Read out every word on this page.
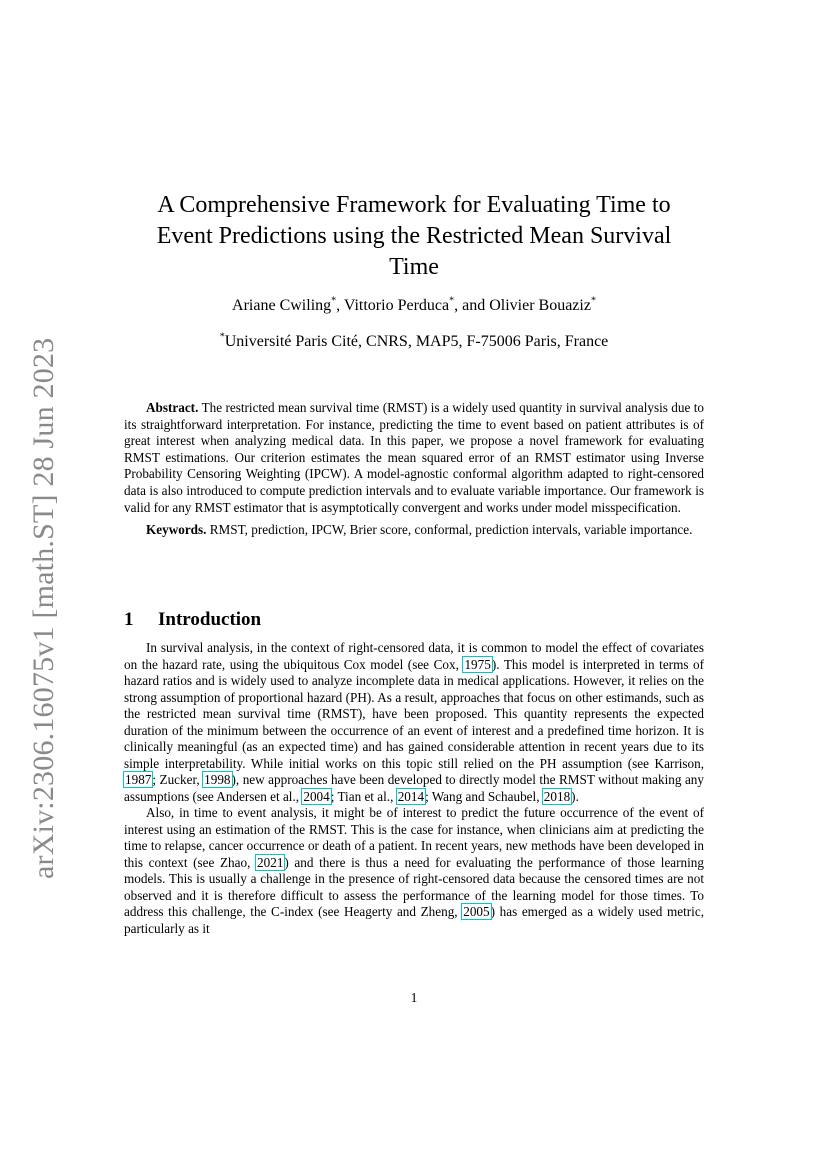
arXiv:2306.16075v1 [math.ST] 28 Jun 2023
A Comprehensive Framework for Evaluating Time to Event Predictions using the Restricted Mean Survival Time
Ariane Cwiling*, Vittorio Perduca*, and Olivier Bouaziz*
*Université Paris Cité, CNRS, MAP5, F-75006 Paris, France

Abstract. The restricted mean survival time (RMST) is a widely used quantity in survival analysis due to its straightforward interpretation. For instance, predicting the time to event based on patient attributes is of great interest when analyzing medical data. In this paper, we propose a novel framework for evaluating RMST estimations. Our criterion estimates the mean squared error of an RMST estimator using Inverse Probability Censoring Weighting (IPCW). A model-agnostic conformal algorithm adapted to right-censored data is also introduced to compute prediction intervals and to evaluate variable importance. Our framework is valid for any RMST estimator that is asymptotically convergent and works under model misspecification.

Keywords. RMST, prediction, IPCW, Brier score, conformal, prediction intervals, variable importance.

1 Introduction

In survival analysis, in the context of right-censored data, it is common to model the effect of covariates on the hazard rate, using the ubiquitous Cox model (see Cox, 1975). This model is interpreted in terms of hazard ratios and is widely used to analyze incomplete data in medical applications. However, it relies on the strong assumption of proportional hazard (PH). As a result, approaches that focus on other estimands, such as the restricted mean survival time (RMST), have been proposed. This quantity represents the expected duration of the minimum between the occurrence of an event of interest and a predefined time horizon. It is clinically meaningful (as an expected time) and has gained considerable attention in recent years due to its simple interpretability. While initial works on this topic still relied on the PH assumption (see Karrison, 1987; Zucker, 1998), new approaches have been developed to directly model the RMST without making any assumptions (see Andersen et al., 2004; Tian et al., 2014; Wang and Schaubel, 2018).

Also, in time to event analysis, it might be of interest to predict the future occurrence of the event of interest using an estimation of the RMST. This is the case for instance, when clinicians aim at predicting the time to relapse, cancer occurrence or death of a patient. In recent years, new methods have been developed in this context (see Zhao, 2021) and there is thus a need for evaluating the performance of those learning models. This is usually a challenge in the presence of right-censored data because the censored times are not observed and it is therefore difficult to assess the performance of the learning model for those times. To address this challenge, the C-index (see Heagerty and Zheng, 2005) has emerged as a widely used metric, particularly as it

1
